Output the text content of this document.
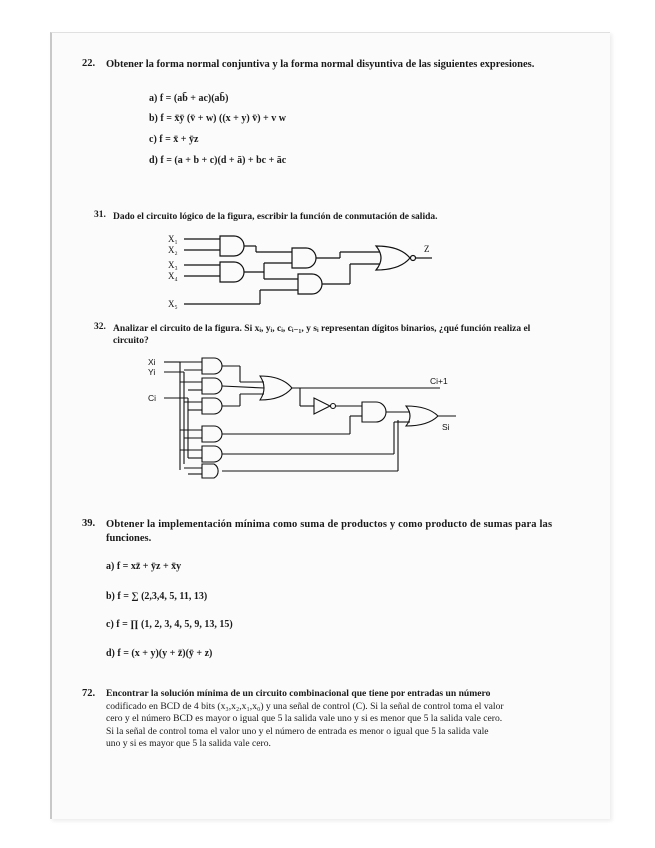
22. Obtener la forma normal conjuntiva y la forma normal disyuntiva de las siguientes expresiones.
a) f = (ab̄ + ac)(ab̄)
b) f = x̄ȳ (v̄ + w) ((x + y) v̄) + v w
c) f = x̄ + ȳz
d) f = (a + b + c)(d + ā) + bc + āc
31. Dado el circuito lógico de la figura, escribir la función de conmutación de salida.
X₁
X₂
X₃
X₄
X₅
Z
32. Analizar el circuito de la figura. Si xᵢ, yᵢ, cᵢ, cᵢ₋₁, y sᵢ representan dígitos binarios, ¿qué función realiza el
circuito?
Xi
Yi
Ci
Ci+1
Si
39. Obtener la implementación mínima como suma de productos y como producto de sumas para las
funciones.
a) f = xz̄ + ȳz + x̄y
b) f = ∑ (2,3,4, 5, 11, 13)
c) f = ∏ (1, 2, 3, 4, 5, 9, 13, 15)
d) f = (x + y)(y + z̄)(ȳ + z)
72. Encontrar la solución mínima de un circuito combinacional que tiene por entradas un número
codificado en BCD de 4 bits (x₃,x₂,x₁,x₀) y una señal de control (C). Si la señal de control toma el valor
cero y el número BCD es mayor o igual que 5 la salida vale uno y si es menor que 5 la salida vale cero.
Si la señal de control toma el valor uno y el número de entrada es menor o igual que 5 la salida vale
uno y si es mayor que 5 la salida vale cero.
